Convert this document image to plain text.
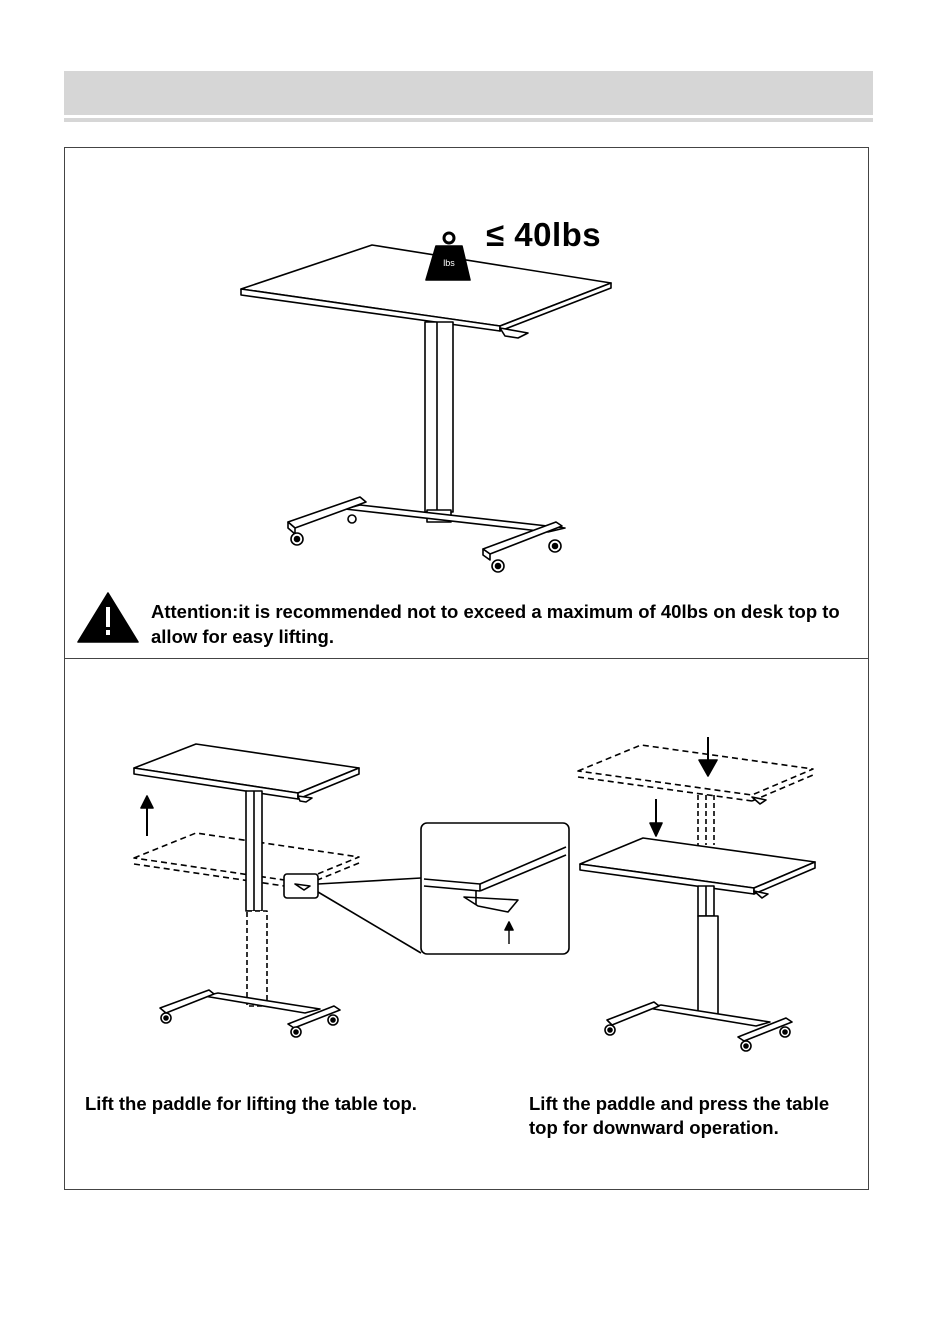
≤ 40lbs
lbs
Attention:it is recommended not to exceed a maximum of 40lbs on desk top to allow for easy lifting.
Lift the paddle for lifting the table top.	Lift the paddle and press the table top for downward operation.
